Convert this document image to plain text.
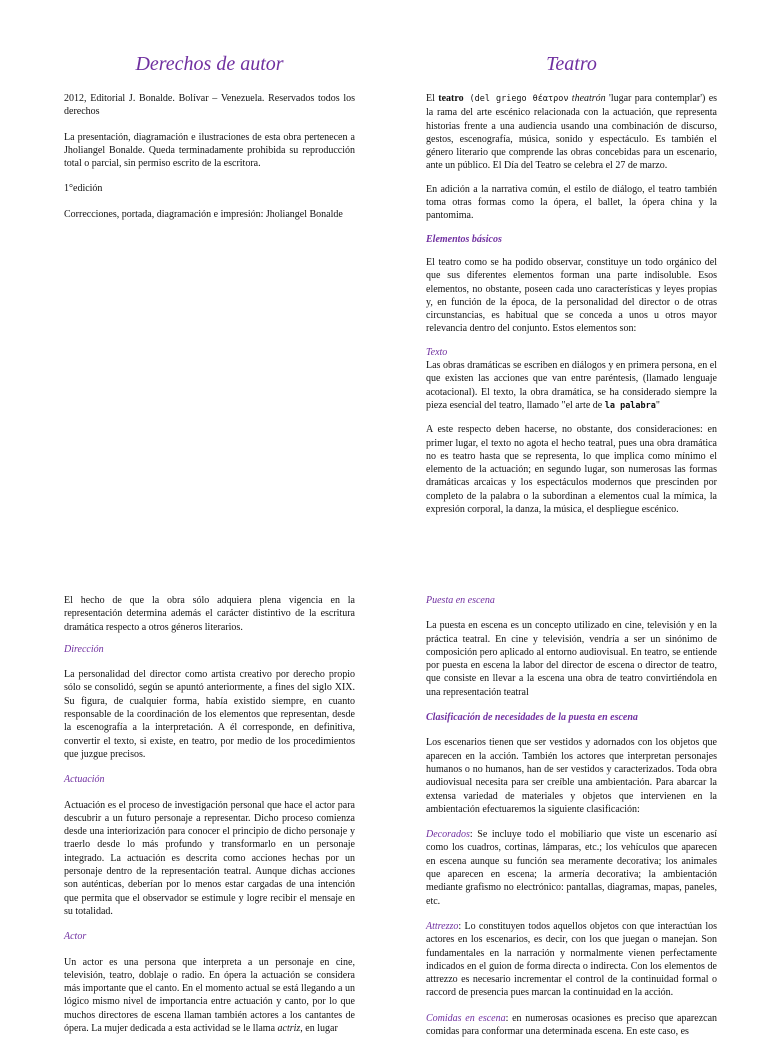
Derechos de autor

2012, Editorial J. Bonalde. Bolívar – Venezuela. Reservados todos los derechos

La presentación, diagramación e ilustraciones de esta obra pertenecen a Jholiangel Bonalde. Queda terminadamente prohibida su reproducción total o parcial, sin permiso escrito de la escritora.

1°edición

Correcciones, portada, diagramación e impresión: Jholiangel Bonalde

Teatro

El teatro (del griego θέατρον theatrón 'lugar para contemplar') es la rama del arte escénico relacionada con la actuación, que representa historias frente a una audiencia usando una combinación de discurso, gestos, escenografía, música, sonido y espectáculo. Es también el género literario que comprende las obras concebidas para un escenario, ante un público. El Día del Teatro se celebra el 27 de marzo.

En adición a la narrativa común, el estilo de diálogo, el teatro también toma otras formas como la ópera, el ballet, la ópera china y la pantomima.

Elementos básicos

El teatro como se ha podido observar, constituye un todo orgánico del que sus diferentes elementos forman una parte indisoluble. Esos elementos, no obstante, poseen cada uno características y leyes propias y, en función de la época, de la personalidad del director o de otras circunstancias, es habitual que se conceda a unos u otros mayor relevancia dentro del conjunto. Estos elementos son:

Texto

Las obras dramáticas se escriben en diálogos y en primera persona, en el que existen las acciones que van entre paréntesis, (llamado lenguaje acotacional). El texto, la obra dramática, se ha considerado siempre la pieza esencial del teatro, llamado "el arte de la palabra"

A este respecto deben hacerse, no obstante, dos consideraciones: en primer lugar, el texto no agota el hecho teatral, pues una obra dramática no es teatro hasta que se representa, lo que implica como mínimo el elemento de la actuación; en segundo lugar, son numerosas las formas dramáticas arcaicas y los espectáculos modernos que prescinden por completo de la palabra o la subordinan a elementos cual la mímica, la expresión corporal, la danza, la música, el despliegue escénico.

El hecho de que la obra sólo adquiera plena vigencia en la representación determina además el carácter distintivo de la escritura dramática respecto a otros géneros literarios.

Dirección

La personalidad del director como artista creativo por derecho propio sólo se consolidó, según se apuntó anteriormente, a fines del siglo XIX. Su figura, de cualquier forma, había existido siempre, en cuanto responsable de la coordinación de los elementos que representan, desde la escenografía a la interpretación. A él corresponde, en definitiva, convertir el texto, si existe, en teatro, por medio de los procedimientos que juzgue precisos.

Actuación

Actuación es el proceso de investigación personal que hace el actor para descubrir a un futuro personaje a representar. Dicho proceso comienza desde una interiorización para conocer el principio de dicho personaje y traerlo desde lo más profundo y transformarlo en un personaje integrado. La actuación es descrita como acciones hechas por un personaje dentro de la representación teatral. Aunque dichas acciones son auténticas, deberían por lo menos estar cargadas de una intención que permita que el observador se estimule y logre recibir el mensaje en su totalidad.

Actor

Un actor es una persona que interpreta a un personaje en cine, televisión, teatro, doblaje o radio. En ópera la actuación se considera más importante que el canto. En el momento actual se está llegando a un lógico mismo nivel de importancia entre actuación y canto, por lo que muchos directores de escena llaman también actores a los cantantes de ópera. La mujer dedicada a esta actividad se le llama actriz, en lugar

Puesta en escena

La puesta en escena es un concepto utilizado en cine, televisión y en la práctica teatral. En cine y televisión, vendría a ser un sinónimo de composición pero aplicado al entorno audiovisual. En teatro, se entiende por puesta en escena la labor del director de escena o director de teatro, que consiste en llevar a la escena una obra de teatro convirtiéndola en una representación teatral

Clasificación de necesidades de la puesta en escena

Los escenarios tienen que ser vestidos y adornados con los objetos que aparecen en la acción. También los actores que interpretan personajes humanos o no humanos, han de ser vestidos y caracterizados. Toda obra audiovisual necesita para ser creíble una ambientación. Para abarcar la extensa variedad de materiales y objetos que intervienen en la ambientación efectuaremos la siguiente clasificación:

Decorados: Se incluye todo el mobiliario que viste un escenario así como los cuadros, cortinas, lámparas, etc.; los vehículos que aparecen en escena aunque su función sea meramente decorativa; los animales que aparecen en escena; la armería decorativa; la ambientación mediante grafismo no electrónico: pantallas, diagramas, mapas, paneles, etc.

Attrezzo: Lo constituyen todos aquellos objetos con que interactúan los actores en los escenarios, es decir, con los que juegan o manejan. Son fundamentales en la narración y normalmente vienen perfectamente indicados en el guion de forma directa o indirecta. Con los elementos de attrezzo es necesario incrementar el control de la continuidad formal o raccord de presencia pues marcan la continuidad en la acción.

Comidas en escena: en numerosas ocasiones es preciso que aparezcan comidas para conformar una determinada escena. En este caso, es
